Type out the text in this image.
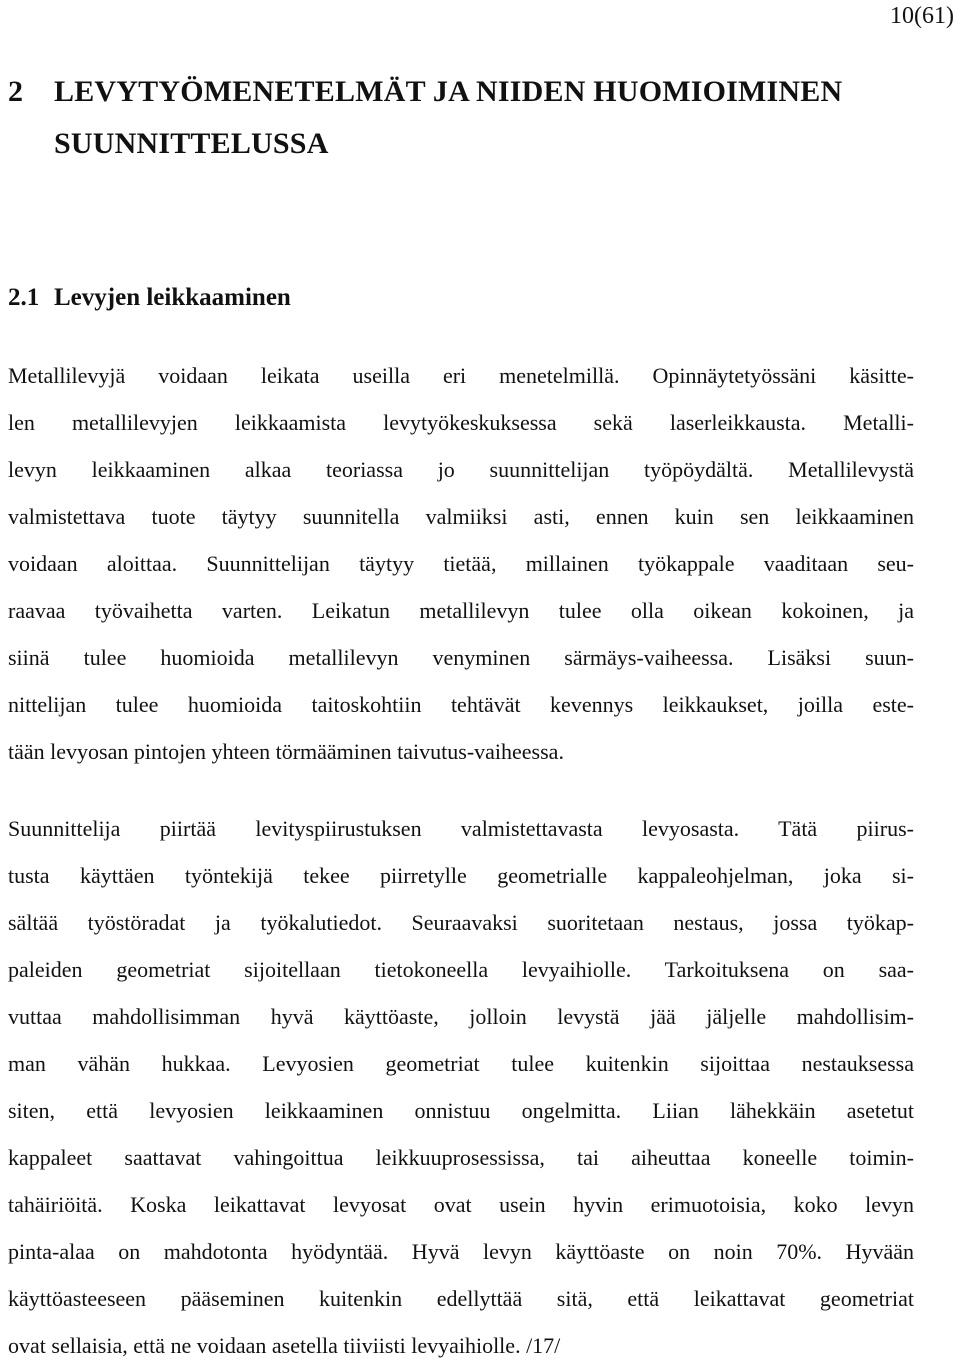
10(61)

2 LEVYTYÖMENETELMÄT JA NIIDEN HUOMIOIMINEN
SUUNNITTELUSSA
2.1 Levyjen leikkaaminen
Metallilevyjä voidaan leikata useilla eri menetelmillä. Opinnäytetyössäni käsitte-
len metallilevyjen leikkaamista levytyökeskuksessa sekä laserleikkausta. Metalli-
levyn leikkaaminen alkaa teoriassa jo suunnittelijan työpöydältä. Metallilevystä
valmistettava tuote täytyy suunnitella valmiiksi asti, ennen kuin sen leikkaaminen
voidaan aloittaa. Suunnittelijan täytyy tietää, millainen työkappale vaaditaan seu-
raavaa työvaihetta varten. Leikatun metallilevyn tulee olla oikean kokoinen, ja
siinä tulee huomioida metallilevyn venyminen särmäys-vaiheessa. Lisäksi suun-
nittelijan tulee huomioida taitoskohtiin tehtävät kevennys leikkaukset, joilla este-
tään levyosan pintojen yhteen törmääminen taivutus-vaiheessa.
Suunnittelija piirtää levityspiirustuksen valmistettavasta levyosasta. Tätä piirus-
tusta käyttäen työntekijä tekee piirretylle geometrialle kappaleohjelman, joka si-
sältää työstöradat ja työkalutiedot. Seuraavaksi suoritetaan nestaus, jossa työkap-
paleiden geometriat sijoitellaan tietokoneella levyaihiolle. Tarkoituksena on saa-
vuttaa mahdollisimman hyvä käyttöaste, jolloin levystä jää jäljelle mahdollisim-
man vähän hukkaa. Levyosien geometriat tulee kuitenkin sijoittaa nestauksessa
siten, että levyosien leikkaaminen onnistuu ongelmitta. Liian lähekkäin asetetut
kappaleet saattavat vahingoittua leikkuuprosessissa, tai aiheuttaa koneelle toimin-
tahäiriöitä. Koska leikattavat levyosat ovat usein hyvin erimuotoisia, koko levyn
pinta-alaa on mahdotonta hyödyntää. Hyvä levyn käyttöaste on noin 70%. Hyvään
käyttöasteeseen pääseminen kuitenkin edellyttää sitä, että leikattavat geometriat
ovat sellaisia, että ne voidaan asetella tiiviisti levyaihiolle. /17/
